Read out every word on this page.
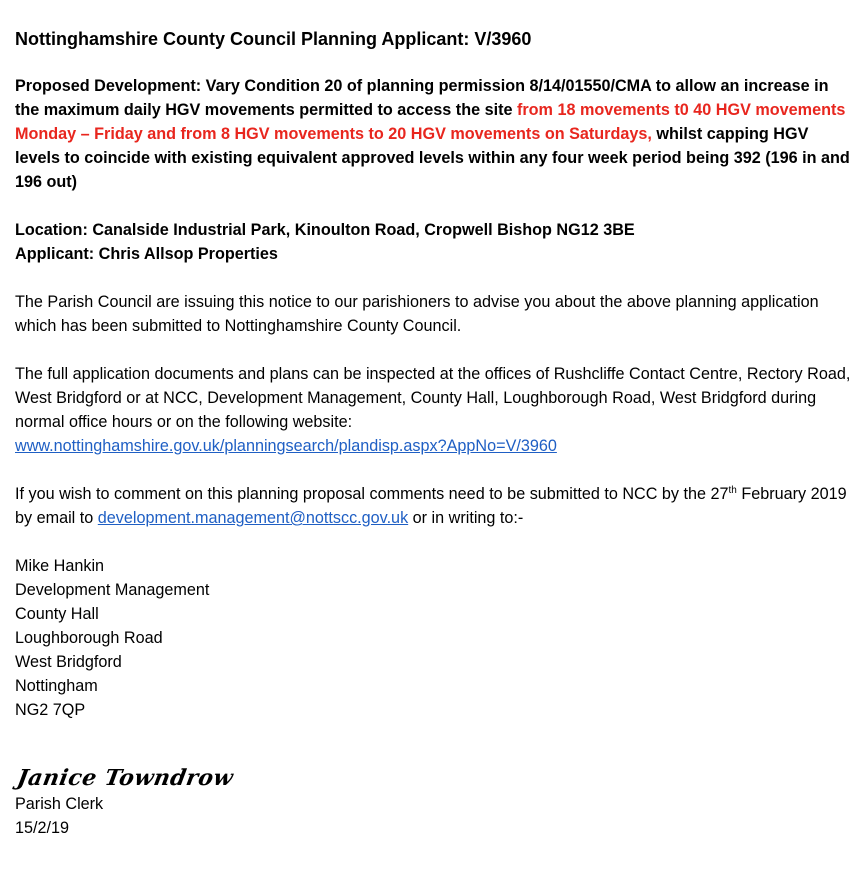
Nottinghamshire County Council Planning Applicant: V/3960

Proposed Development: Vary Condition 20 of planning permission 8/14/01550/CMA to allow an increase in the maximum daily HGV movements permitted to access the site from 18 movements t0 40 HGV movements Monday – Friday and from 8 HGV movements to 20 HGV movements on Saturdays, whilst capping HGV levels to coincide with existing equivalent approved levels within any four week period being 392 (196 in and 196 out)

Location: Canalside Industrial Park, Kinoulton Road, Cropwell Bishop NG12 3BE

Applicant: Chris Allsop Properties

The Parish Council are issuing this notice to our parishioners to advise you about the above planning application which has been submitted to Nottinghamshire County Council.

The full application documents and plans can be inspected at the offices of Rushcliffe Contact Centre, Rectory Road, West Bridgford or at NCC, Development Management, County Hall, Loughborough Road, West Bridgford during normal office hours or on the following website:
www.nottinghamshire.gov.uk/planningsearch/plandisp.aspx?AppNo=V/3960

If you wish to comment on this planning proposal comments need to be submitted to NCC by the 27th February 2019 by email to development.management@nottscc.gov.uk or in writing to:-

Mike Hankin
Development Management
County Hall
Loughborough Road
West Bridgford
Nottingham
NG2 7QP
Janice Towndrow
Parish Clerk
15/2/19
